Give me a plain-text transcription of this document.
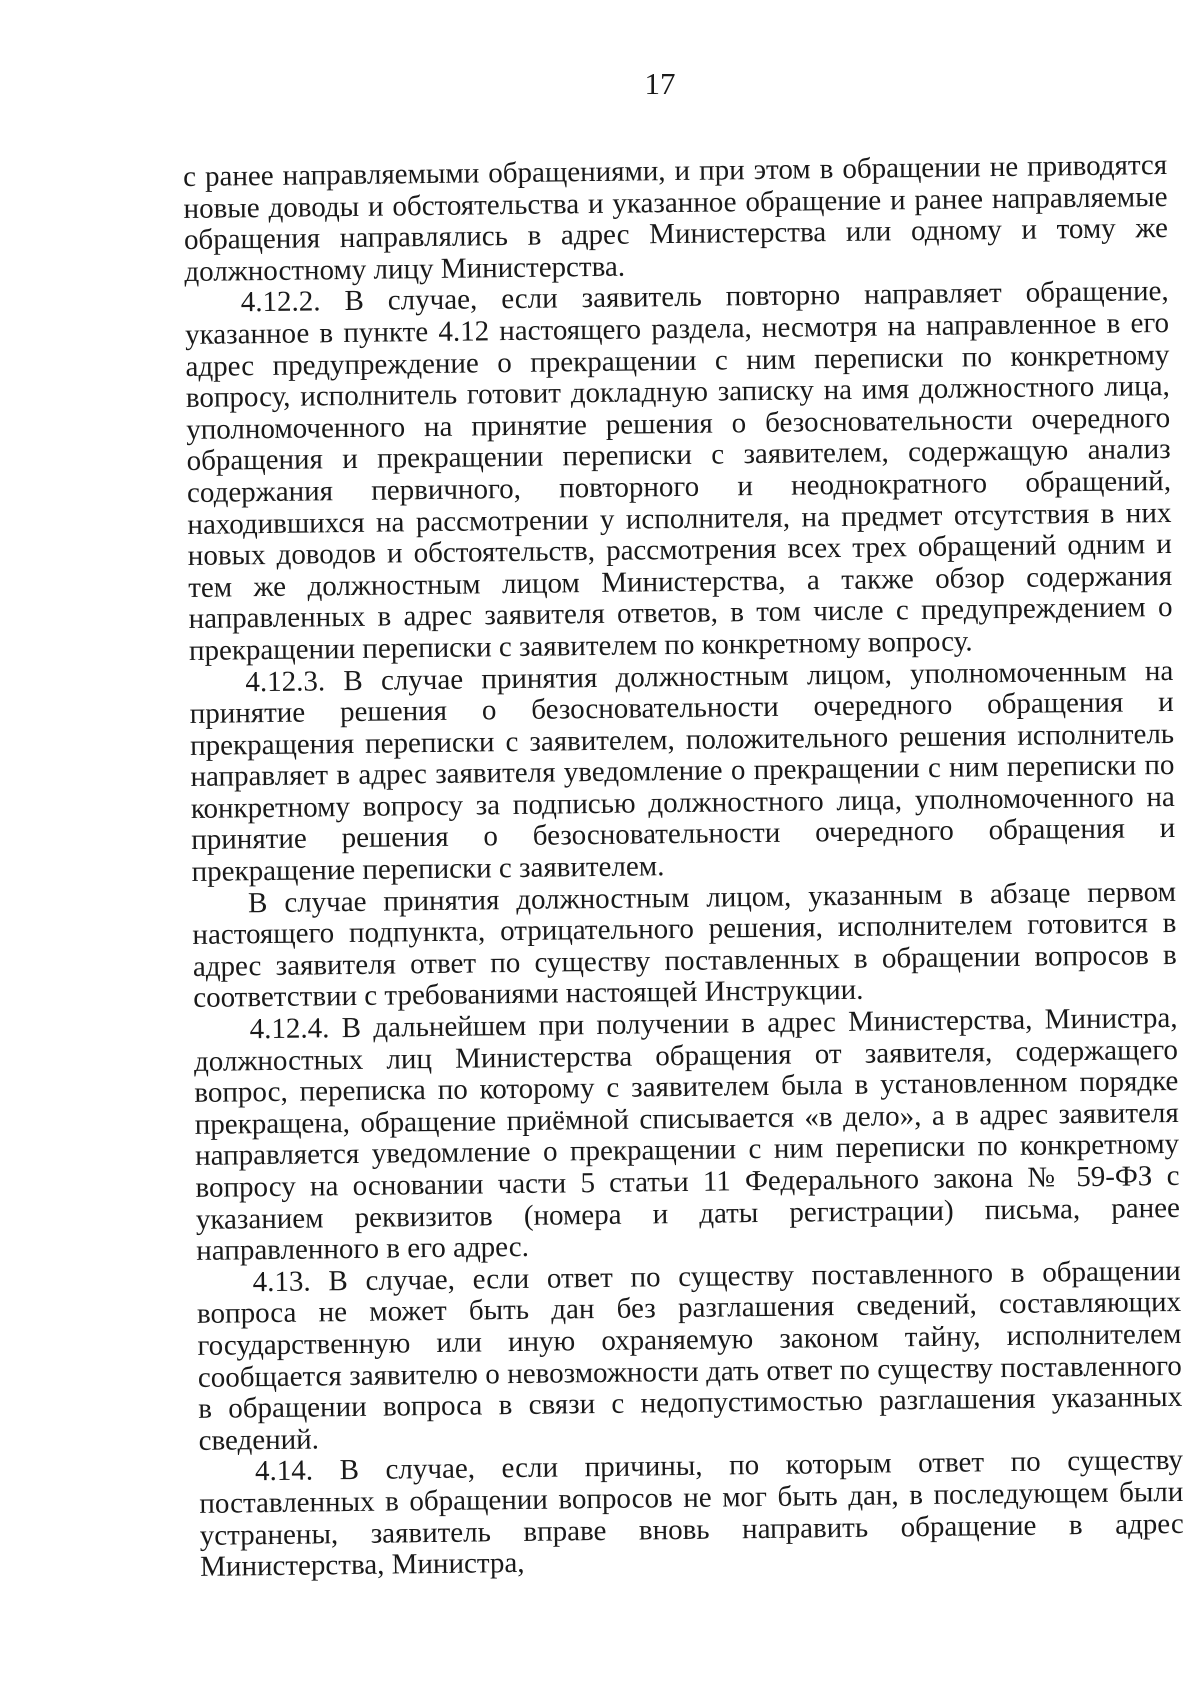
17

с ранее направляемыми обращениями, и при этом в обращении не приводятся новые доводы и обстоятельства и указанное обращение и ранее направляемые обращения направлялись в адрес Министерства или одному и тому же должностному лицу Министерства.

4.12.2. В случае, если заявитель повторно направляет обращение, указанное в пункте 4.12 настоящего раздела, несмотря на направленное в его адрес предупреждение о прекращении с ним переписки по конкретному вопросу, исполнитель готовит докладную записку на имя должностного лица, уполномоченного на принятие решения о безосновательности очередного обращения и прекращении переписки с заявителем, содержащую анализ содержания первичного, повторного и неоднократного обращений, находившихся на рассмотрении у исполнителя, на предмет отсутствия в них новых доводов и обстоятельств, рассмотрения всех трех обращений одним и тем же должностным лицом Министерства, а также обзор содержания направленных в адрес заявителя ответов, в том числе с предупреждением о прекращении переписки с заявителем по конкретному вопросу.

4.12.3. В случае принятия должностным лицом, уполномоченным на принятие решения о безосновательности очередного обращения и прекращения переписки с заявителем, положительного решения исполнитель направляет в адрес заявителя уведомление о прекращении с ним переписки по конкретному вопросу за подписью должностного лица, уполномоченного на принятие решения о безосновательности очередного обращения и прекращение переписки с заявителем.

В случае принятия должностным лицом, указанным в абзаце первом настоящего подпункта, отрицательного решения, исполнителем готовится в адрес заявителя ответ по существу поставленных в обращении вопросов в соответствии с требованиями настоящей Инструкции.

4.12.4. В дальнейшем при получении в адрес Министерства, Министра, должностных лиц Министерства обращения от заявителя, содержащего вопрос, переписка по которому с заявителем была в установленном порядке прекращена, обращение приёмной списывается «в дело», а в адрес заявителя направляется уведомление о прекращении с ним переписки по конкретному вопросу на основании части 5 статьи 11 Федерального закона № 59-ФЗ с указанием реквизитов (номера и даты регистрации) письма, ранее направленного в его адрес.

4.13. В случае, если ответ по существу поставленного в обращении вопроса не может быть дан без разглашения сведений, составляющих государственную или иную охраняемую законом тайну, исполнителем сообщается заявителю о невозможности дать ответ по существу поставленного в обращении вопроса в связи с недопустимостью разглашения указанных сведений.

4.14. В случае, если причины, по которым ответ по существу поставленных в обращении вопросов не мог быть дан, в последующем были устранены, заявитель вправе вновь направить обращение в адрес Министерства, Министра,
